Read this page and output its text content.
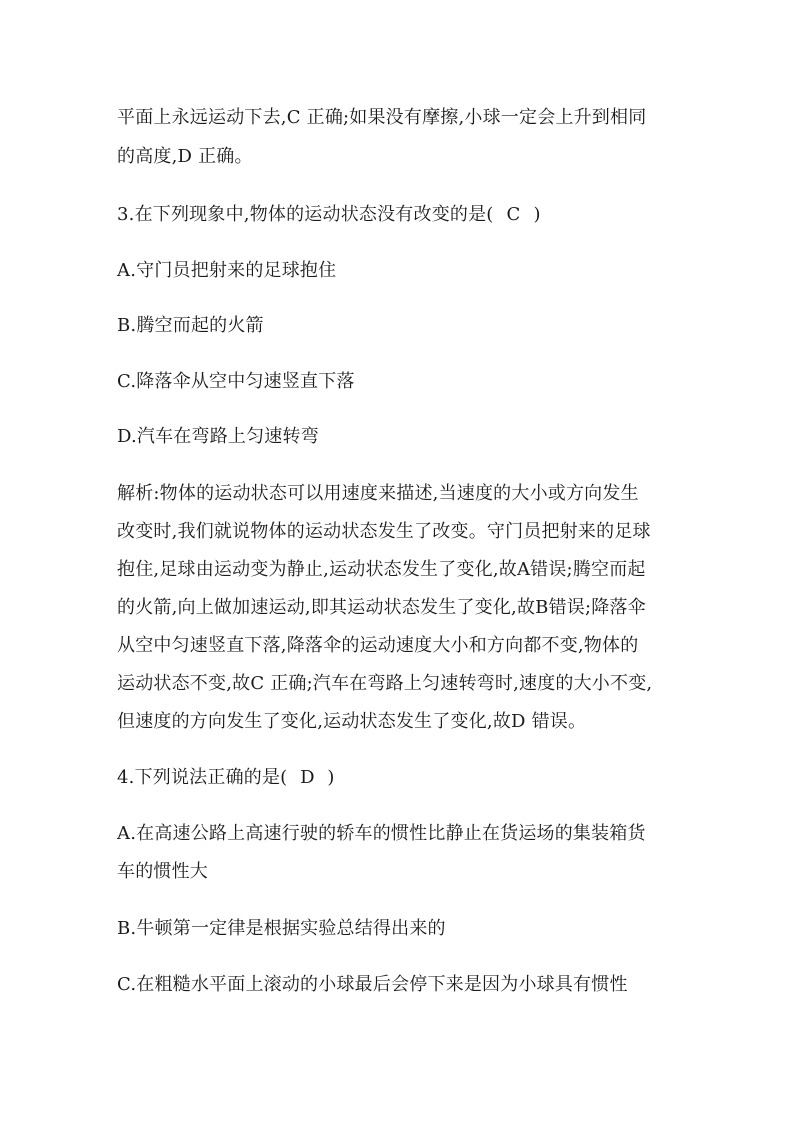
平面上永远运动下去,C 正确;如果没有摩擦,小球一定会上升到相同
的高度,D 正确。
3.在下列现象中,物体的运动状态没有改变的是( C )
A.守门员把射来的足球抱住
B.腾空而起的火箭
C.降落伞从空中匀速竖直下落
D.汽车在弯路上匀速转弯
解析:物体的运动状态可以用速度来描述,当速度的大小或方向发生
改变时,我们就说物体的运动状态发生了改变。守门员把射来的足球
抱住,足球由运动变为静止,运动状态发生了变化,故A错误;腾空而起
的火箭,向上做加速运动,即其运动状态发生了变化,故B错误;降落伞
从空中匀速竖直下落,降落伞的运动速度大小和方向都不变,物体的
运动状态不变,故C 正确;汽车在弯路上匀速转弯时,速度的大小不变,
但速度的方向发生了变化,运动状态发生了变化,故D 错误。
4.下列说法正确的是( D )
A.在高速公路上高速行驶的轿车的惯性比静止在货运场的集装箱货
车的惯性大
B.牛顿第一定律是根据实验总结得出来的
C.在粗糙水平面上滚动的小球最后会停下来是因为小球具有惯性
